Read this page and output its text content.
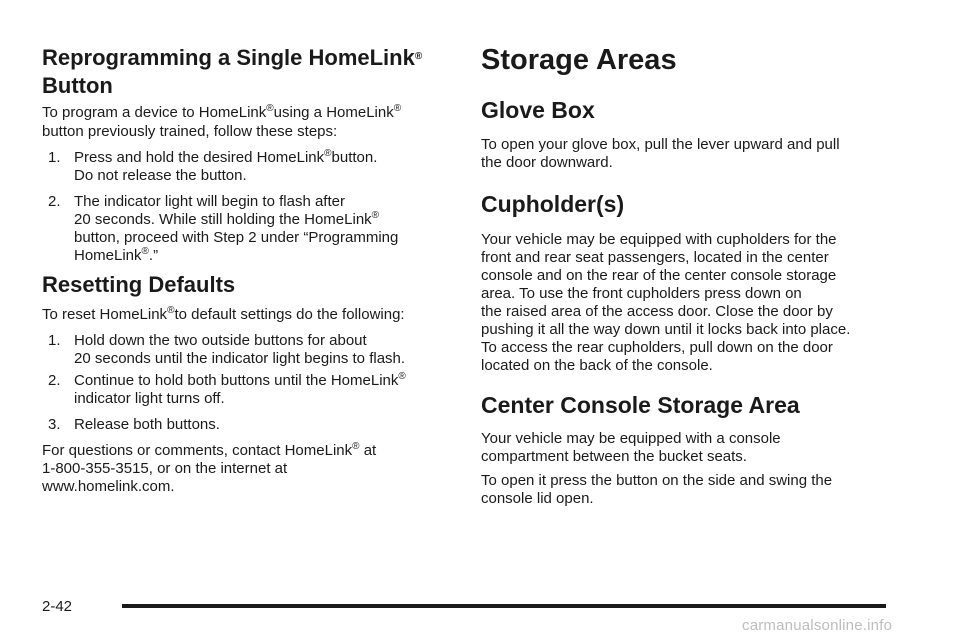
Reprogramming a Single HomeLink®
Button

To program a device to HomeLink®using a HomeLink®

button previously trained, follow these steps:

1. Press and hold the desired HomeLink®button.

Do not release the button.

2. The indicator light will begin to flash after

20 seconds. While still holding the HomeLink®

button, proceed with Step 2 under “Programming

HomeLink®.”

Resetting Defaults

To reset HomeLink®to default settings do the following:

1. Hold down the two outside buttons for about

20 seconds until the indicator light begins to flash.

2. Continue to hold both buttons until the HomeLink®

indicator light turns off.

3. Release both buttons.

For questions or comments, contact HomeLink® at

1-800-355-3515, or on the internet at

www.homelink.com.

Storage Areas
Glove Box

To open your glove box, pull the lever upward and pull

the door downward.

Cupholder(s)

Your vehicle may be equipped with cupholders for the

front and rear seat passengers, located in the center

console and on the rear of the center console storage

area. To use the front cupholders press down on

the raised area of the access door. Close the door by

pushing it all the way down until it locks back into place.

To access the rear cupholders, pull down on the door

located on the back of the console.

Center Console Storage Area

Your vehicle may be equipped with a console

compartment between the bucket seats.

To open it press the button on the side and swing the

console lid open.

2-42
carmanualsonline.info
